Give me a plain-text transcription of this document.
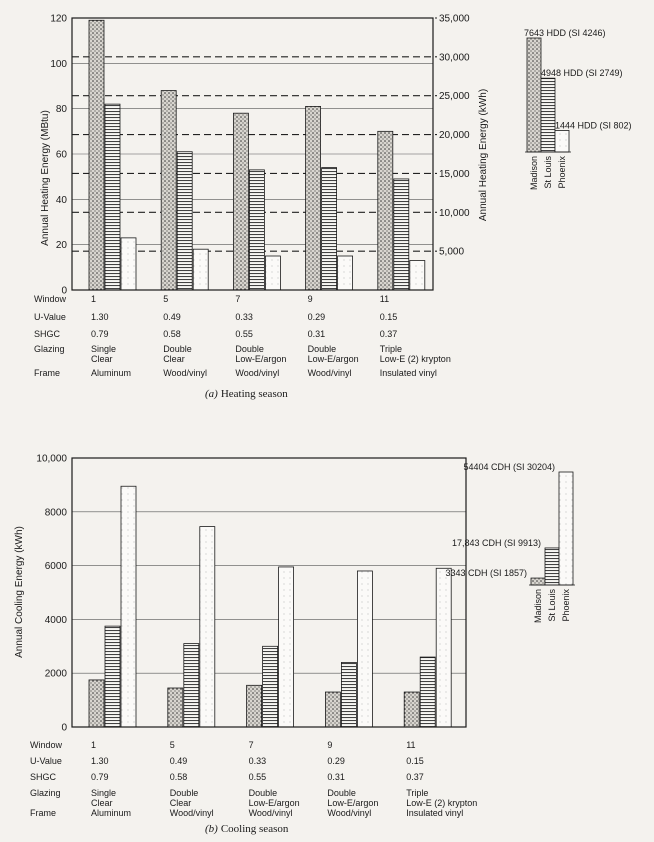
0
20
40
60
80
100
120
5,000
10,000
15,000
20,000
25,000
30,000
35,000
Annual Heating Energy (MBtu)	Annual Heating Energy (kWh)
Window
U-Value
SHGC
Glazing
Frame
1
1.30
0.79
Single
Clear
Aluminum
5
0.49
0.58
Double
Clear
Wood/vinyl
7
0.33
0.55
Double
Low-E/argon
Wood/vinyl
9
0.29
0.31
Double
Low-E/argon
Wood/vinyl
11
0.15
0.37
Triple
Low-E (2) krypton
Insulated vinyl
(a) Heating season
7643 HDD (SI 4246)
Madison
4948 HDD (SI 2749)
St Louis
1444 HDD (SI 802)
Phoenix
0
2000
4000
6000
8000
10,000
Annual Cooling Energy (kWh)
Window
U-Value
SHGC
Glazing
Frame
1
1.30
0.79
Single
Clear
Aluminum
5
0.49
0.58
Double
Clear
Wood/vinyl
7
0.33
0.55
Double
Low-E/argon
Wood/vinyl
9
0.29
0.31
Double
Low-E/argon
Wood/vinyl
11
0.15
0.37
Triple
Low-E (2) krypton
Insulated vinyl
(b) Cooling season
3343 CDH (SI 1857)
Madison
17,843 CDH (SI 9913)
St Louis
54404 CDH (SI 30204)
Phoenix
